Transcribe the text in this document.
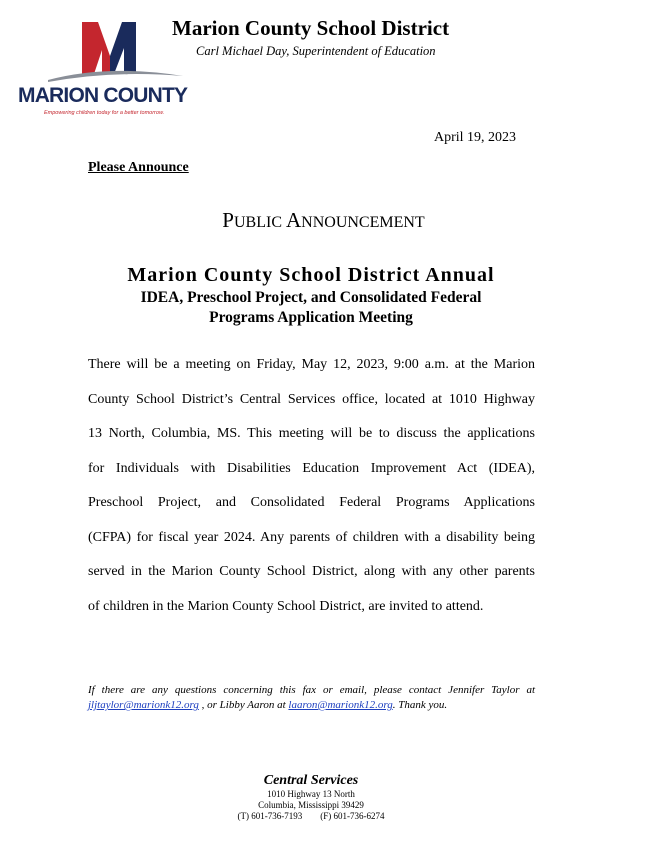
MARION COUNTY
Empowering children today for a better tomorrow.
Marion County School District
Carl Michael Day, Superintendent of Education
April 19, 2023
Please Announce
PUBLIC ANNOUNCEMENT
Marion County School District Annual
IDEA, Preschool Project, and Consolidated Federal
Programs Application Meeting
There will be a meeting on Friday, May 12, 2023, 9:00 a.m. at the Marion
County School District’s Central Services office, located at 1010 Highway
13 North, Columbia, MS. This meeting will be to discuss the applications
for Individuals with Disabilities Education Improvement Act (IDEA),
Preschool Project, and Consolidated Federal Programs Applications
(CFPA) for fiscal year 2024. Any parents of children with a disability being
served in the Marion County School District, along with any other parents
of children in the Marion County School District, are invited to attend.
If there are any questions concerning this fax or email, please contact Jennifer Taylor at
jljtaylor@marionk12.org , or Libby Aaron at laaron@marionk12.org. Thank you.
Central Services
1010 Highway 13 North
Columbia, Mississippi 39429
(T) 601-736-7193 (F) 601-736-6274
